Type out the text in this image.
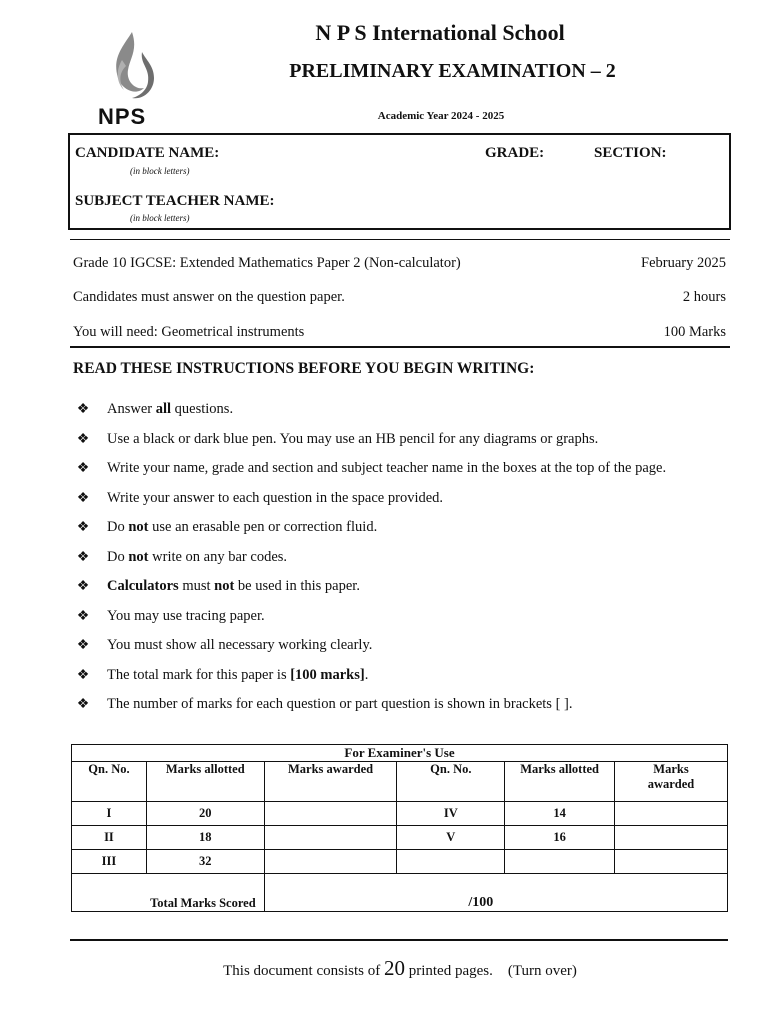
NPS
N P S International School
PRELIMINARY EXAMINATION – 2
Academic Year 2024 - 2025
CANDIDATE NAME:
(in block letters)
GRADE:	SECTION:
SUBJECT TEACHER NAME:
(in block letters)
Grade 10 IGCSE: Extended Mathematics Paper 2 (Non-calculator)	February 2025
Candidates must answer on the question paper.	2 hours
You will need: Geometrical instruments	100 Marks
READ THESE INSTRUCTIONS BEFORE YOU BEGIN WRITING:
❖ Answer all questions.
❖ Use a black or dark blue pen. You may use an HB pencil for any diagrams or graphs.
❖ Write your name, grade and section and subject teacher name in the boxes at the top of the page.
❖ Write your answer to each question in the space provided.
❖ Do not use an erasable pen or correction fluid.
❖ Do not write on any bar codes.
❖ Calculators must not be used in this paper.
❖ You may use tracing paper.
❖ You must show all necessary working clearly.
❖ The total mark for this paper is [100 marks].
❖ The number of marks for each question or part question is shown in brackets [ ].
For Examiner's Use					
Qn. No.	Marks allotted	Marks awarded	Qn. No.	Marks allotted	Marks awarded
I	20		IV	14	
II	18		V	16	
III	32				
Total Marks Scored		/100			
This document consists of 20 printed pages. (Turn over)
